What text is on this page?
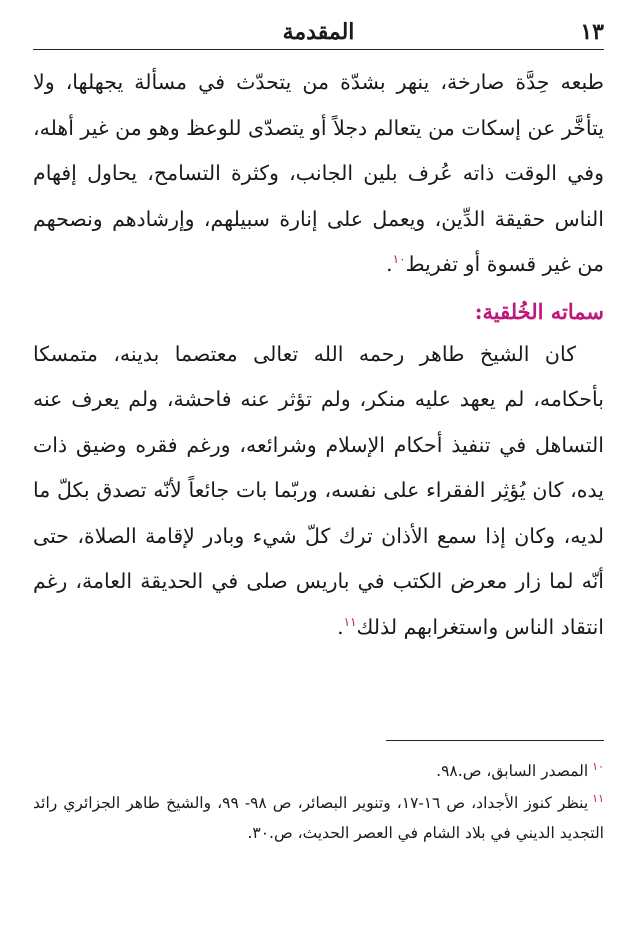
١٣
المقدمة

طبعه حِدَّة صارخة، ينهر بشدّة من يتحدّث في مسألة يجهلها، ولا يتأخَّر عن إسكات من يتعالم دجلاً أو يتصدّى للوعظ وهو من غير أهله، وفي الوقت ذاته عُرف بلين الجانب، وكثرة التسامح، يحاول إفهام الناس حقيقة الدِّين، ويعمل على إنارة سبيلهم، وإرشادهم ونصحهم من غير قسوة أو تفريط$^{١٠}$.

سماته الخُلقية:

كان الشيخ طاهر رحمه الله تعالى معتصما بدينه، متمسكا بأحكامه، لم يعهد عليه منكر، ولم تؤثر عنه فاحشة، ولم يعرف عنه التساهل في تنفيذ أحكام الإسلام وشرائعه، ورغم فقره وضيق ذات يده، كان يُؤثِر الفقراء على نفسه، وربّما بات جائعاً لأنّه تصدق بكلّ ما لديه، وكان إذا سمع الأذان ترك كلّ شيء وبادر لإقامة الصلاة، حتى أنّه لما زار معرض الكتب في باريس صلى في الحديقة العامة، رغم انتقاد الناس واستغرابهم لذلك$^{١١}$.

$^{١٠}$المصدر السابق، ص.٩٨.

$^{١١}$ينظر كنوز الأجداد، ص ١٦-١٧، وتنوير البصائر، ص ٩٨- ٩٩، والشيخ طاهر الجزائري رائد التجديد الديني في بلاد الشام في العصر الحديث، ص.٣٠.
